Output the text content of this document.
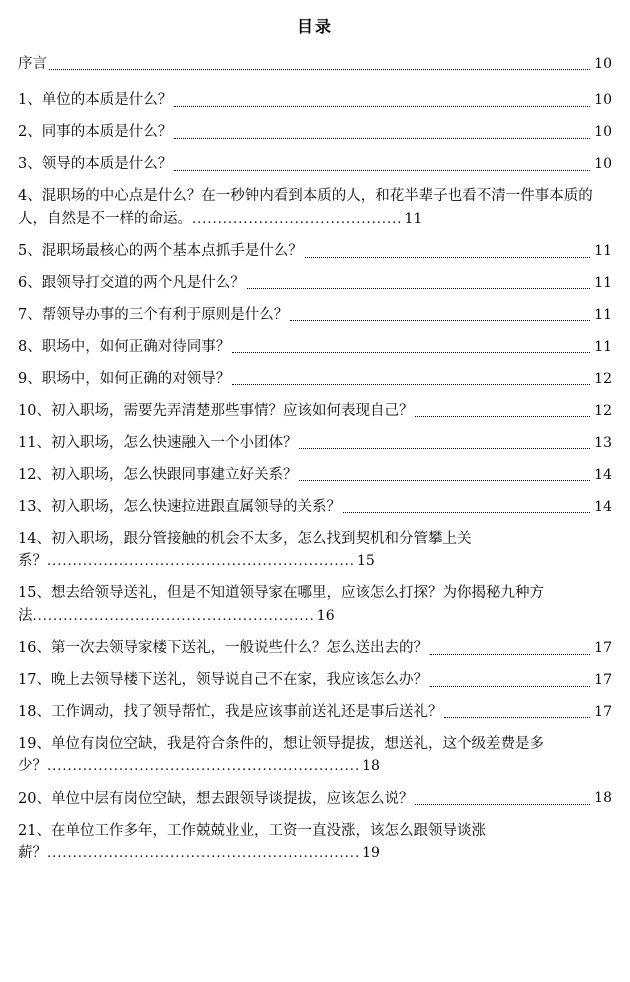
目录
序言	10
1、单位的本质是什么？	10
2、同事的本质是什么？	10
3、领导的本质是什么？	10
4、混职场的中心点是什么？在一秒钟内看到本质的人，和花半辈子也看不清一件事本质的人，自然是不一样的命运。......................................... 11
5、混职场最核心的两个基本点抓手是什么？	11
6、跟领导打交道的两个凡是什么？	11
7、帮领导办事的三个有利于原则是什么？	11
8、职场中，如何正确对待同事？	11
9、职场中，如何正确的对领导？	12
10、初入职场，需要先弄清楚那些事情？应该如何表现自己？	12
11、初入职场，怎么快速融入一个小团体？	13
12、初入职场，怎么快跟同事建立好关系？	14
13、初入职场，怎么快速拉进跟直属领导的关系？	14
14、初入职场，跟分管接触的机会不太多，怎么找到契机和分管攀上关系？............................................................ 15
15、想去给领导送礼，但是不知道领导家在哪里，应该怎么打探？为你揭秘九种方法....................................................... 16
16、第一次去领导家楼下送礼，一般说些什么？怎么送出去的？	17
17、晚上去领导楼下送礼，领导说自己不在家，我应该怎么办？	17
18、工作调动，找了领导帮忙，我是应该事前送礼还是事后送礼？	17
19、单位有岗位空缺，我是符合条件的，想让领导提拔，想送礼，这个级差费是多少？............................................................. 18
20、单位中层有岗位空缺，想去跟领导谈提拔，应该怎么说？	18
21、在单位工作多年，工作兢兢业业，工资一直没涨，该怎么跟领导谈涨薪？............................................................. 19
